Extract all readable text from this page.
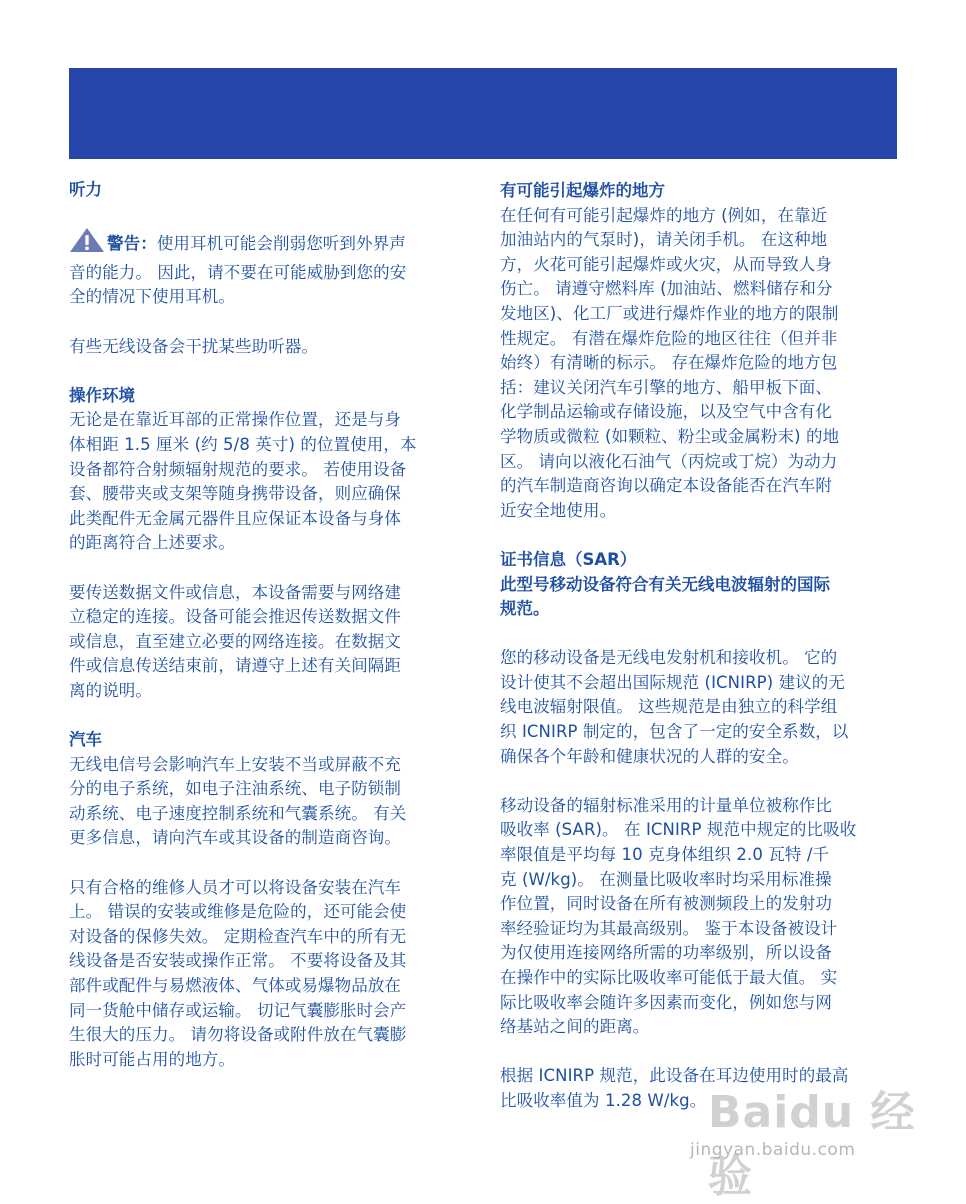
听力

警告：使用耳机可能会削弱您听到外界声

音的能力。 因此，请不要在可能威胁到您的安

全的情况下使用耳机。

有些无线设备会干扰某些助听器。

操作环境

无论是在靠近耳部的正常操作位置，还是与身

体相距 1.5 厘米 (约 5/8 英寸) 的位置使用，本

设备都符合射频辐射规范的要求。 若使用设备

套、腰带夹或支架等随身携带设备，则应确保

此类配件无金属元器件且应保证本设备与身体

的距离符合上述要求。

要传送数据文件或信息，本设备需要与网络建

立稳定的连接。设备可能会推迟传送数据文件

或信息，直至建立必要的网络连接。在数据文

件或信息传送结束前，请遵守上述有关间隔距

离的说明。

汽车

无线电信号会影响汽车上安装不当或屏蔽不充

分的电子系统，如电子注油系统、电子防锁制

动系统、电子速度控制系统和气囊系统。 有关

更多信息，请向汽车或其设备的制造商咨询。

只有合格的维修人员才可以将设备安装在汽车

上。 错误的安装或维修是危险的，还可能会使

对设备的保修失效。 定期检查汽车中的所有无

线设备是否安装或操作正常。 不要将设备及其

部件或配件与易燃液体、气体或易爆物品放在

同一货舱中储存或运输。 切记气囊膨胀时会产

生很大的压力。 请勿将设备或附件放在气囊膨

胀时可能占用的地方。

有可能引起爆炸的地方

在任何有可能引起爆炸的地方 (例如，在靠近

加油站内的气泵时)，请关闭手机。 在这种地

方，火花可能引起爆炸或火灾，从而导致人身

伤亡。 请遵守燃料库 (加油站、燃料储存和分

发地区)、化工厂或进行爆炸作业的地方的限制

性规定。 有潜在爆炸危险的地区往往（但并非

始终）有清晰的标示。 存在爆炸危险的地方包

括：建议关闭汽车引擎的地方、船甲板下面、

化学制品运输或存储设施，以及空气中含有化

学物质或微粒 (如颗粒、粉尘或金属粉末) 的地

区。 请向以液化石油气（丙烷或丁烷）为动力

的汽车制造商咨询以确定本设备能否在汽车附

近安全地使用。

证书信息（SAR）

此型号移动设备符合有关无线电波辐射的国际

规范。

您的移动设备是无线电发射机和接收机。 它的

设计使其不会超出国际规范 (ICNIRP) 建议的无

线电波辐射限值。 这些规范是由独立的科学组

织 ICNIRP 制定的，包含了一定的安全系数，以

确保各个年龄和健康状况的人群的安全。

移动设备的辐射标准采用的计量单位被称作比

吸收率 (SAR)。 在 ICNIRP 规范中规定的比吸收

率限值是平均每 10 克身体组织 2.0 瓦特 /千

克 (W/kg)。 在测量比吸收率时均采用标准操

作位置，同时设备在所有被测频段上的发射功

率经验证均为其最高级别。 鉴于本设备被设计

为仅使用连接网络所需的功率级别，所以设备

在操作中的实际比吸收率可能低于最大值。 实

际比吸收率会随许多因素而变化，例如您与网

络基站之间的距离。

根据 ICNIRP 规范，此设备在耳边使用时的最高

比吸收率值为 1.28 W/kg。 Baidu 经验
jingyan.baidu.com
